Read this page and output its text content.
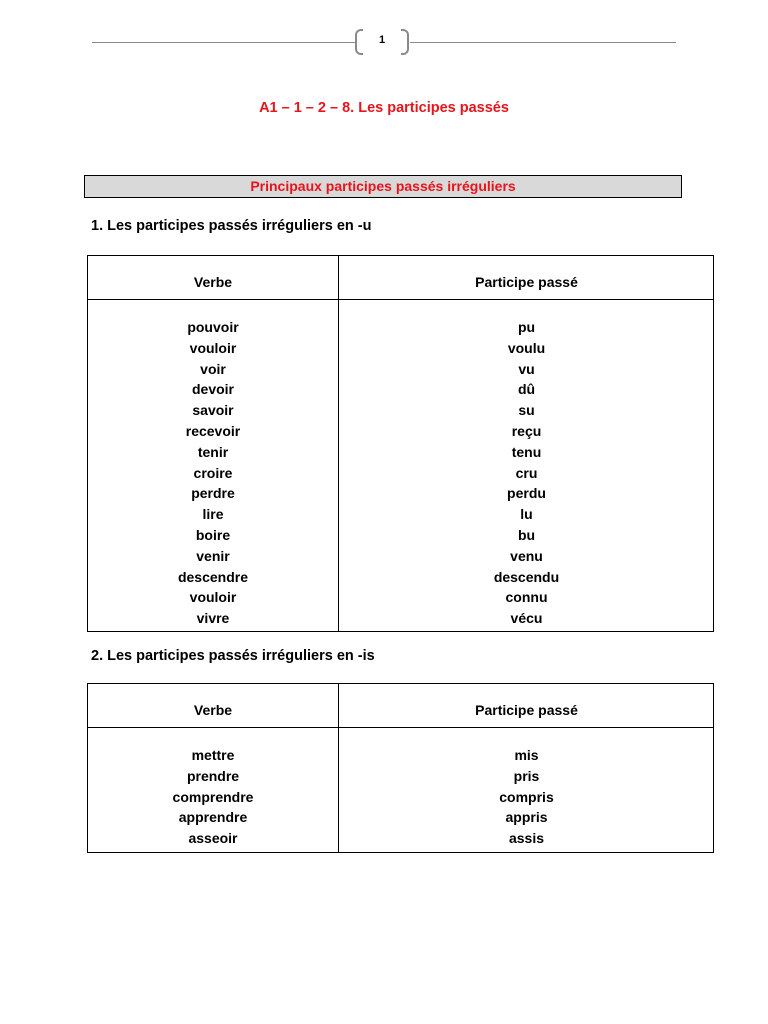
1
A1 – 1 – 2 – 8. Les participes passés
Principaux participes passés irréguliers
1. Les participes passés irréguliers en -u
Verbe	Participe passé
pouvoir
vouloir
voir
devoir
savoir
recevoir
tenir
croire
perdre
lire
boire
venir
descendre
vouloir
vivre
pu
voulu
vu
dû
su
reçu
tenu
cru
perdu
lu
bu
venu
descendu
connu
vécu
2. Les participes passés irréguliers en -is
Verbe	Participe passé
mettre
prendre
comprendre
apprendre
asseoir
mis
pris
compris
appris
assis
